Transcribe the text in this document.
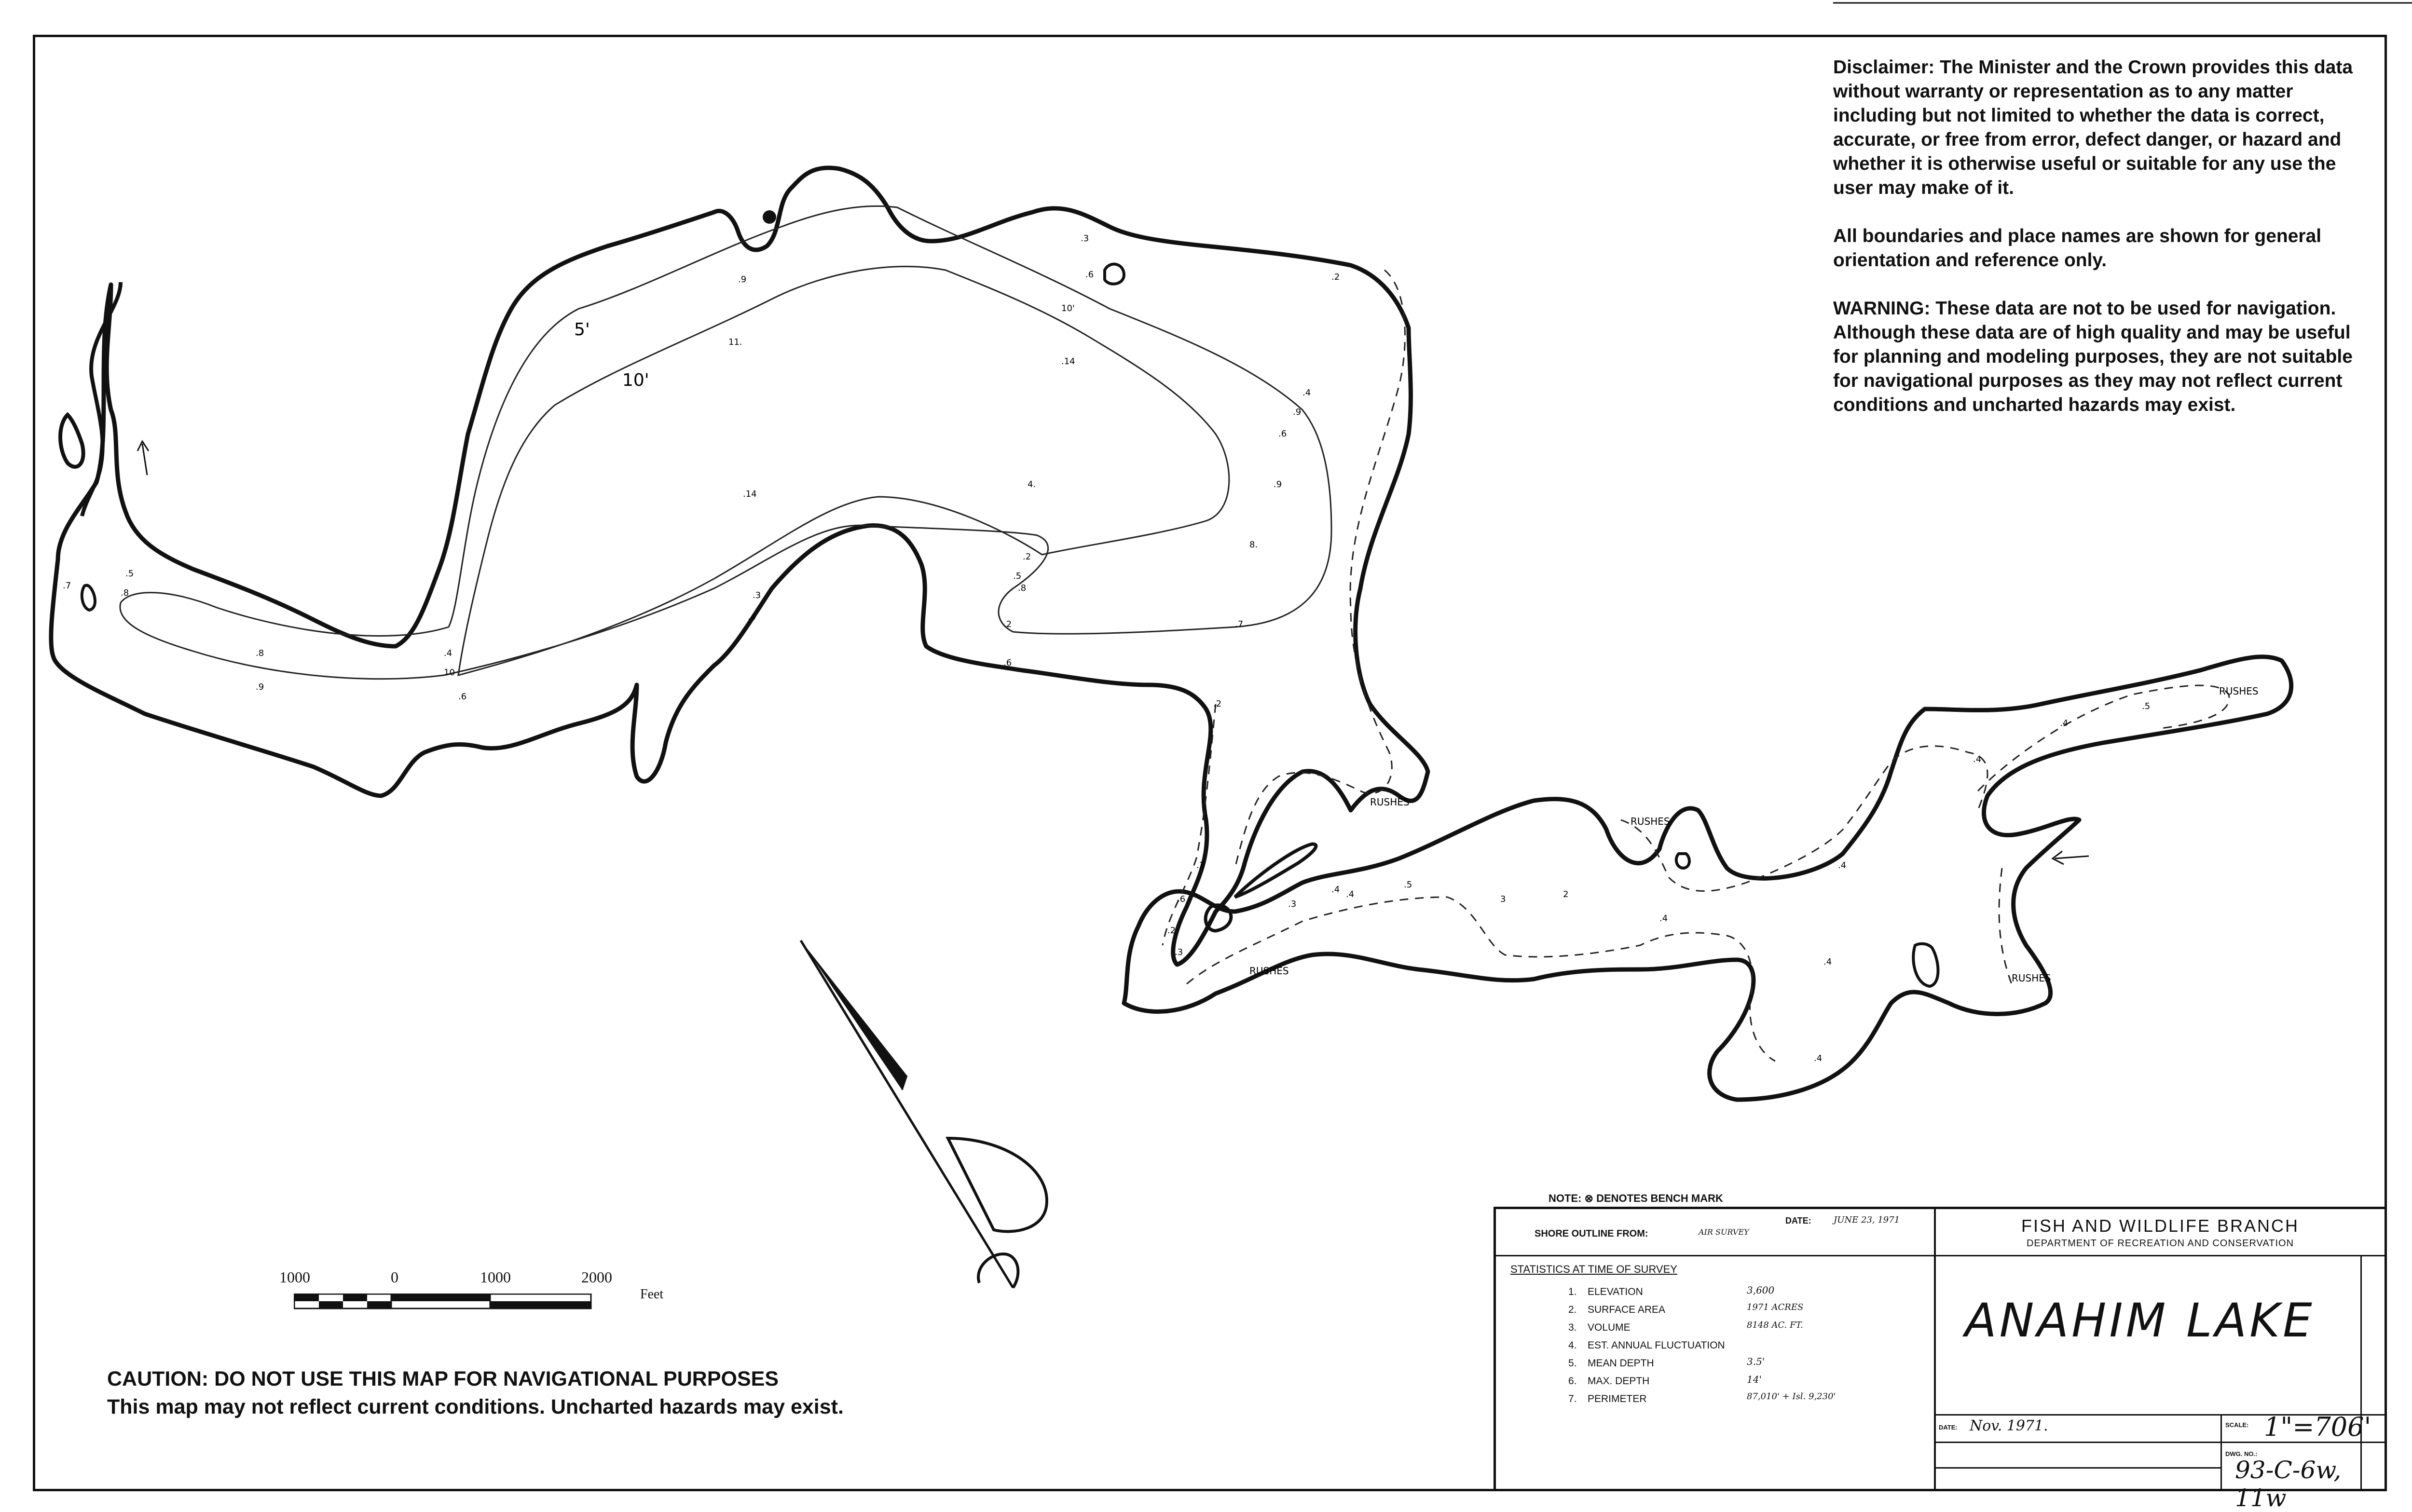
5'
10'
RUSHES
RUSHES
RUSHES
RUSHES
RUSHES
.7
.8
.5
.8
.9
.4
.6
.9
11.
.3
.6
10'
.14
4.
.14
.2
.9
8.
.9
.6
.4
.2
.8
.5
.2	.7
.6
.4
.2
.3
.6	.3
.4
.5
.4
3	2
.4
.4
.4
.4
.4
.4
.2
.3
.5
10
.3

Disclaimer: The Minister and the Crown provides this data without warranty or representation as to any matter including but not limited to whether the data is correct, accurate, or free from error, defect danger, or hazard and whether it is otherwise useful or suitable for any use the user may make of it.

All boundaries and place names are shown for general orientation and reference only.

WARNING: These data are not to be used for navigation. Although these data are of high quality and may be useful for planning and modeling purposes, they are not suitable for navigational purposes as they may not reflect current conditions and uncharted hazards may exist.

1000	0	1000	2000
Feet
CAUTION: DO NOT USE THIS MAP FOR NAVIGATIONAL PURPOSES
This map may not reflect current conditions. Uncharted hazards may exist.
NOTE: ⊗ DENOTES BENCH MARK
SHORE OUTLINE FROM:	AIR SURVEY
DATE:	JUNE 23, 1971
STATISTICS AT TIME OF SURVEY
1. ELEVATION	3,600
2. SURFACE AREA	1971 ACRES
3. VOLUME	8148 AC. FT.
4. EST. ANNUAL FLUCTUATION
5. MEAN DEPTH	3.5'
6. MAX. DEPTH	14'
7. PERIMETER	87,010' + Isl. 9,230'
FISH AND WILDLIFE BRANCH
DEPARTMENT OF RECREATION AND CONSERVATION
ANAHIM LAKE
DATE: Nov. 1971.	SCALE: 1"=706'
DWG. NO.:
93-C-6w, 11w
